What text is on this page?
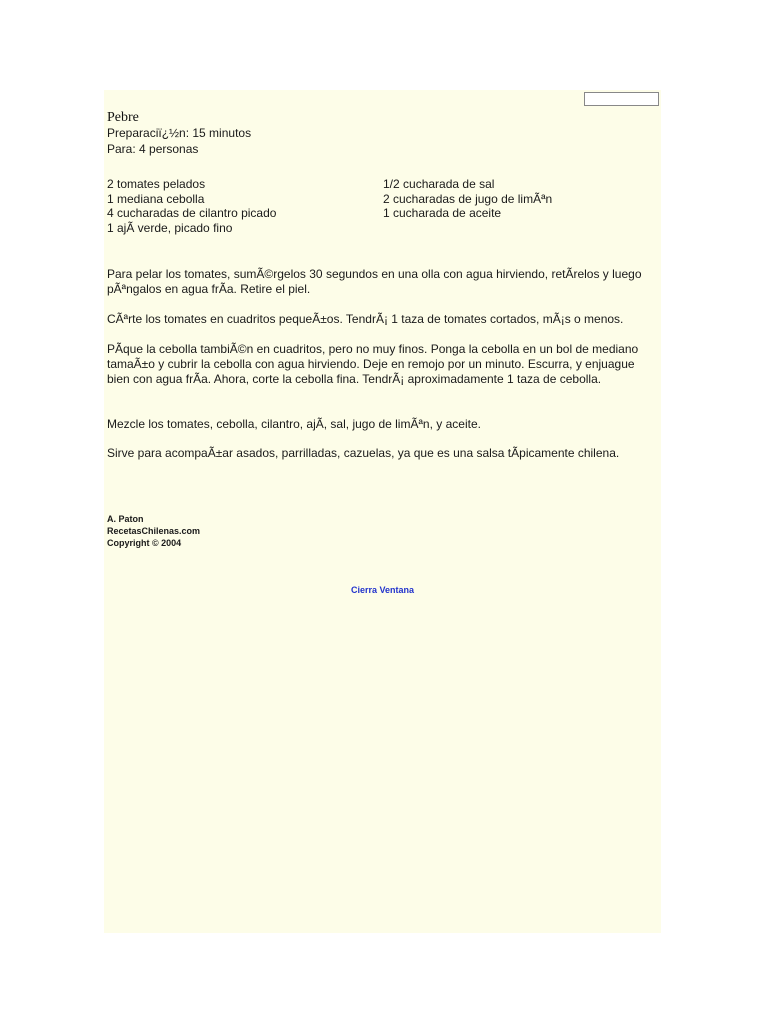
Pebre
Preparaciï¿½n: 15 minutos
Para: 4 personas
2 tomates pelados
1 mediana cebolla
4 cucharadas de cilantro picado
1 ajÃ verde, picado fino
1/2 cucharada de sal
2 cucharadas de jugo de limÃªn
1 cucharada de aceite

Para pelar los tomates, sumÃ©rgelos 30 segundos en una olla con agua hirviendo, retÃrelos y luego pÃªngalos en agua frÃa. Retire el piel.

CÃªrte los tomates en cuadritos pequeÃ±os. TendrÃ¡ 1 taza de tomates cortados, mÃ¡s o menos.

PÃque la cebolla tambiÃ©n en cuadritos, pero no muy finos. Ponga la cebolla en un bol de mediano tamaÃ±o y cubrir la cebolla con agua hirviendo. Deje en remojo por un minuto. Escurra, y enjuague bien con agua frÃa. Ahora, corte la cebolla fina. TendrÃ¡ aproximadamente 1 taza de cebolla.

Mezcle los tomates, cebolla, cilantro, ajÃ, sal, jugo de limÃªn, y aceite.

Sirve para acompaÃ±ar asados, parrilladas, cazuelas, ya que es una salsa tÃpicamente chilena.

A. Paton
RecetasChilenas.com
Copyright © 2004
Cierra Ventana
